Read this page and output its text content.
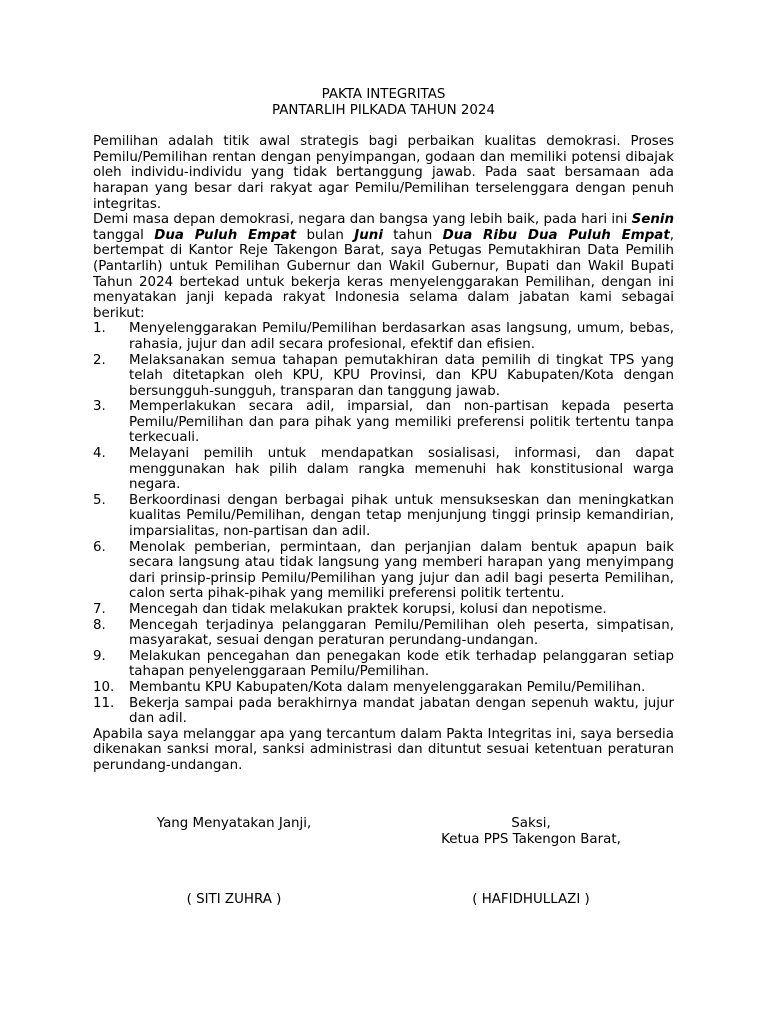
PAKTA INTEGRITAS
PANTARLIH PILKADA TAHUN 2024

Pemilihan adalah titik awal strategis bagi perbaikan kualitas demokrasi. Proses Pemilu/Pemilihan rentan dengan penyimpangan, godaan dan memiliki potensi dibajak oleh individu-individu yang tidak bertanggung jawab. Pada saat bersamaan ada harapan yang besar dari rakyat agar Pemilu/Pemilihan terselenggara dengan penuh integritas.

Demi masa depan demokrasi, negara dan bangsa yang lebih baik, pada hari ini Senin tanggal Dua Puluh Empat bulan Juni tahun Dua Ribu Dua Puluh Empat, bertempat di Kantor Reje Takengon Barat, saya Petugas Pemutakhiran Data Pemilih (Pantarlih) untuk Pemilihan Gubernur dan Wakil Gubernur, Bupati dan Wakil Bupati Tahun 2024 bertekad untuk bekerja keras menyelenggarakan Pemilihan, dengan ini menyatakan janji kepada rakyat Indonesia selama dalam jabatan kami sebagai berikut:

1. Menyelenggarakan Pemilu/Pemilihan berdasarkan asas langsung, umum, bebas, rahasia, jujur dan adil secara profesional, efektif dan efisien.
2. Melaksanakan semua tahapan pemutakhiran data pemilih di tingkat TPS yang telah ditetapkan oleh KPU, KPU Provinsi, dan KPU Kabupaten/Kota dengan bersungguh-sungguh, transparan dan tanggung jawab.
3. Memperlakukan secara adil, imparsial, dan non-partisan kepada peserta Pemilu/Pemilihan dan para pihak yang memiliki preferensi politik tertentu tanpa terkecuali.
4. Melayani pemilih untuk mendapatkan sosialisasi, informasi, dan dapat menggunakan hak pilih dalam rangka memenuhi hak konstitusional warga negara.
5. Berkoordinasi dengan berbagai pihak untuk mensukseskan dan meningkatkan kualitas Pemilu/Pemilihan, dengan tetap menjunjung tinggi prinsip kemandirian, imparsialitas, non-partisan dan adil.
6. Menolak pemberian, permintaan, dan perjanjian dalam bentuk apapun baik secara langsung atau tidak langsung yang memberi harapan yang menyimpang dari prinsip-prinsip Pemilu/Pemilihan yang jujur dan adil bagi peserta Pemilihan, calon serta pihak-pihak yang memiliki preferensi politik tertentu.
7. Mencegah dan tidak melakukan praktek korupsi, kolusi dan nepotisme.
8. Mencegah terjadinya pelanggaran Pemilu/Pemilihan oleh peserta, simpatisan, masyarakat, sesuai dengan peraturan perundang-undangan.
9. Melakukan pencegahan dan penegakan kode etik terhadap pelanggaran setiap tahapan penyelenggaraan Pemilu/Pemilihan.
10. Membantu KPU Kabupaten/Kota dalam menyelenggarakan Pemilu/Pemilihan.
11. Bekerja sampai pada berakhirnya mandat jabatan dengan sepenuh waktu, jujur dan adil.

Apabila saya melanggar apa yang tercantum dalam Pakta Integritas ini, saya bersedia dikenakan sanksi moral, sanksi administrasi dan dituntut sesuai ketentuan peraturan perundang-undangan.

Yang Menyatakan Janji,	Saksi,
Ketua PPS Takengon Barat,
( SITI ZUHRA )	( HAFIDHULLAZI )
